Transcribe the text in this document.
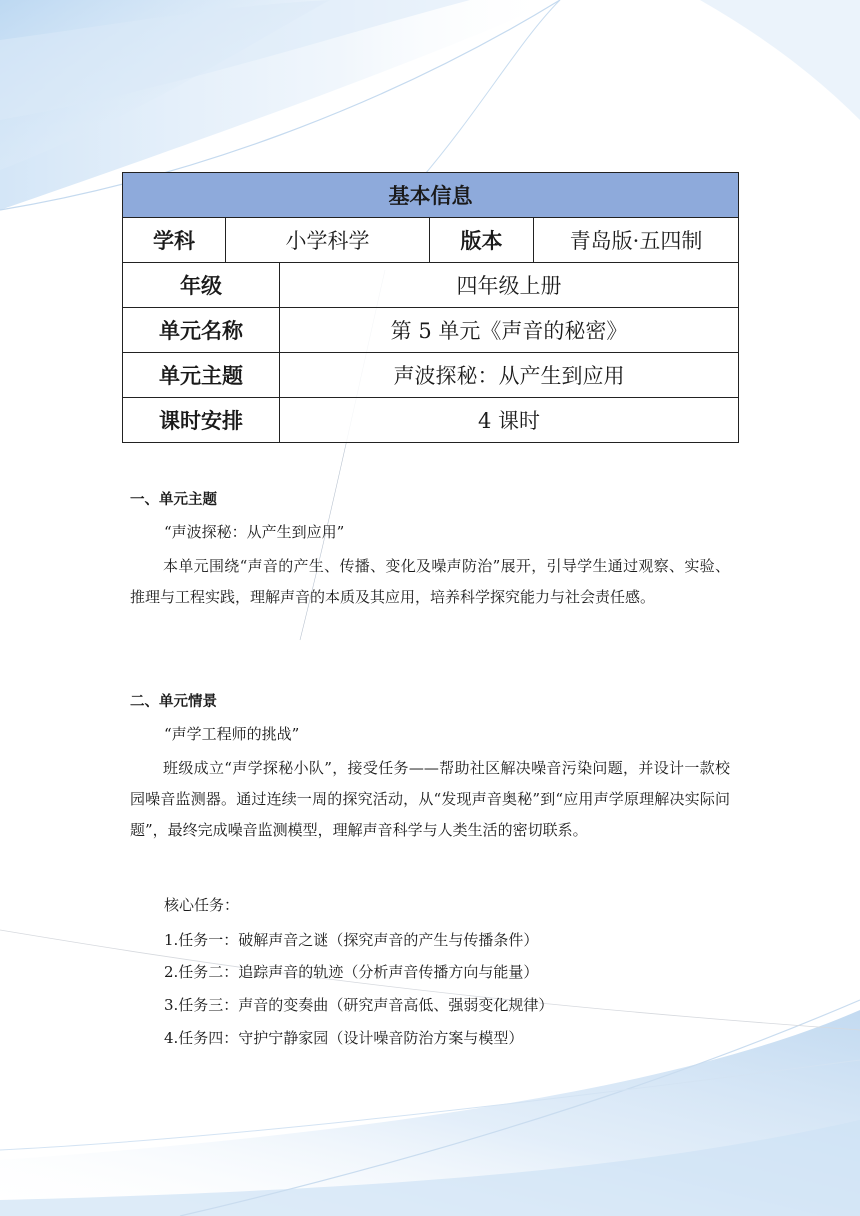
基本信息				
学科	小学科学		版本	青岛版·五四制
年级		四年级上册		
单元名称		第 5 单元《声音的秘密》		
单元主题		声波探秘：从产生到应用		
课时安排		4 课时		
一、单元主题
“声波探秘：从产生到应用”

本单元围绕“声音的产生、传播、变化及噪声防治”展开，引导学生通过观察、实验、推理与工程实践，理解声音的本质及其应用，培养科学探究能力与社会责任感。

二、单元情景
“声学工程师的挑战”

班级成立“声学探秘小队”，接受任务——帮助社区解决噪音污染问题，并设计一款校园噪音监测器。通过连续一周的探究活动，从“发现声音奥秘”到“应用声学原理解决实际问题”，最终完成噪音监测模型，理解声音科学与人类生活的密切联系。

核心任务：
1.任务一：破解声音之谜（探究声音的产生与传播条件）
2.任务二：追踪声音的轨迹（分析声音传播方向与能量）
3.任务三：声音的变奏曲（研究声音高低、强弱变化规律）
4.任务四：守护宁静家园（设计噪音防治方案与模型）
